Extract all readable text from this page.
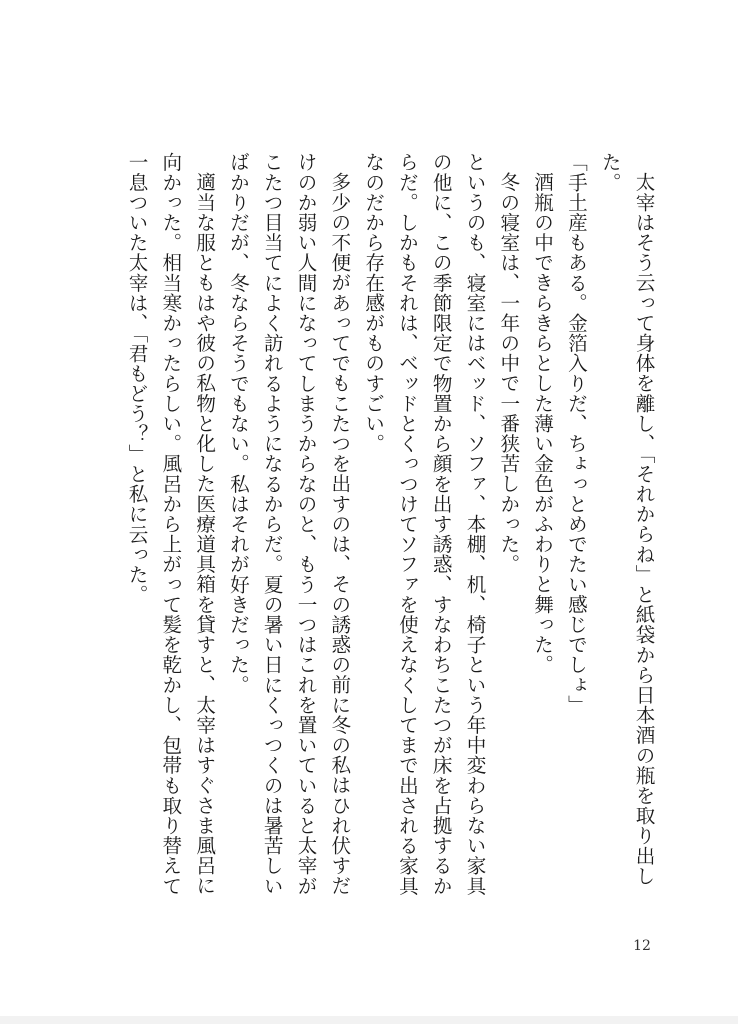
太宰はそう云って身体を離し、「それからね」と紙袋から日本酒の瓶を取り出した。

「手土産もある。金箔入りだ、ちょっとめでたい感じでしょ」

酒瓶の中できらきらとした薄い金色がふわりと舞った。

冬の寝室は、一年の中で一番狭苦しかった。

というのも、寝室にはベッド、ソファ、本棚、机、椅子という年中変わらない家具の他に、この季節限定で物置から顔を出す誘惑、すなわちこたつが床を占拠するからだ。しかもそれは、ベッドとくっつけてソファを使えなくしてまで出される家具なのだから存在感がものすごい。

多少の不便があってでもこたつを出すのは、その誘惑の前に冬の私はひれ伏すだけのか弱い人間になってしまうからなのと、もう一つはこれを置いていると太宰がこたつ目当てによく訪れるようになるからだ。夏の暑い日にくっつくのは暑苦しいばかりだが、冬ならそうでもない。私はそれが好きだった。

適当な服ともはや彼の私物と化した医療道具箱を貸すと、太宰はすぐさま風呂に向かった。相当寒かったらしい。風呂から上がって髪を乾かし、包帯も取り替えて一息ついた太宰は、「君もどう？」と私に云った。

12
